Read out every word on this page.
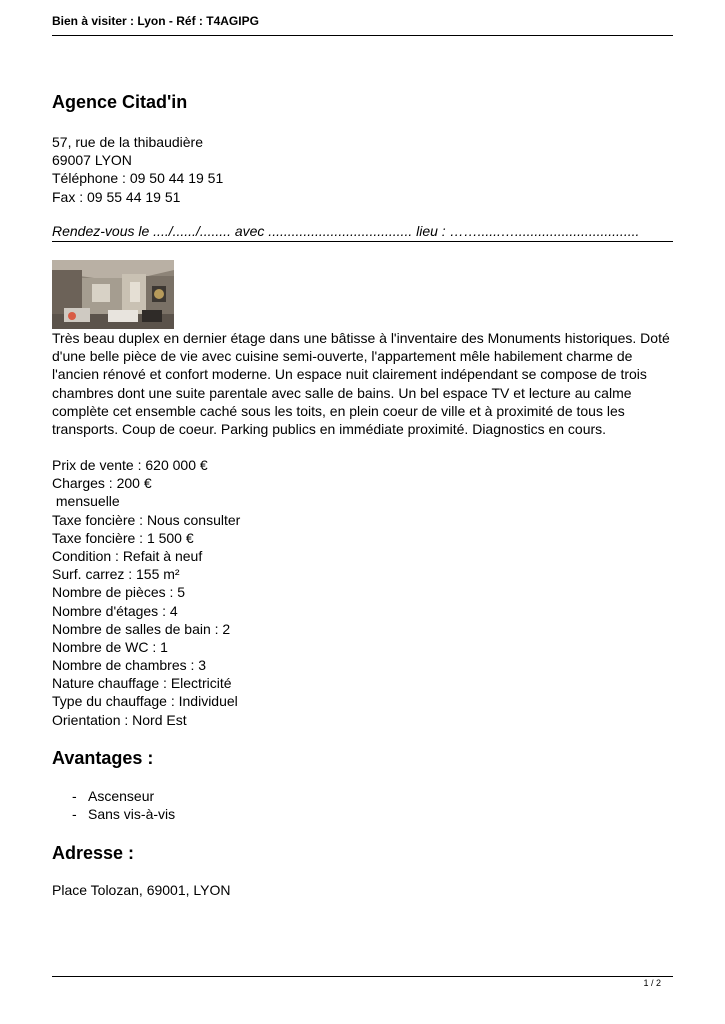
Bien à visiter : Lyon - Réf : T4AGIPG
Agence Citad'in
57, rue de la thibaudière
69007 LYON
Téléphone : 09 50 44 19 51
Fax : 09 55 44 19 51
Rendez-vous le ..../....../........ avec ..................................... lieu : ……......…................................
Très beau duplex en dernier étage dans une bâtisse à l'inventaire des Monuments historiques. Doté d'une belle pièce de vie avec cuisine semi-ouverte, l'appartement mêle habilement charme de l'ancien rénové et confort moderne. Un espace nuit clairement indépendant se compose de trois chambres dont une suite parentale avec salle de bains. Un bel espace TV et lecture au calme complète cet ensemble caché sous les toits, en plein coeur de ville et à proximité de tous les transports. Coup de coeur. Parking publics en immédiate proximité. Diagnostics en cours.
Prix de vente : 620 000 €
Charges : 200 €
mensuelle
Taxe foncière : Nous consulter
Taxe foncière : 1 500 €
Condition : Refait à neuf
Surf. carrez : 155 m²
Nombre de pièces : 5
Nombre d'étages : 4
Nombre de salles de bain : 2
Nombre de WC : 1
Nombre de chambres : 3
Nature chauffage : Electricité
Type du chauffage : Individuel
Orientation : Nord Est
Avantages :
- Ascenseur
- Sans vis-à-vis
Adresse :
Place Tolozan, 69001, LYON
1 / 2
